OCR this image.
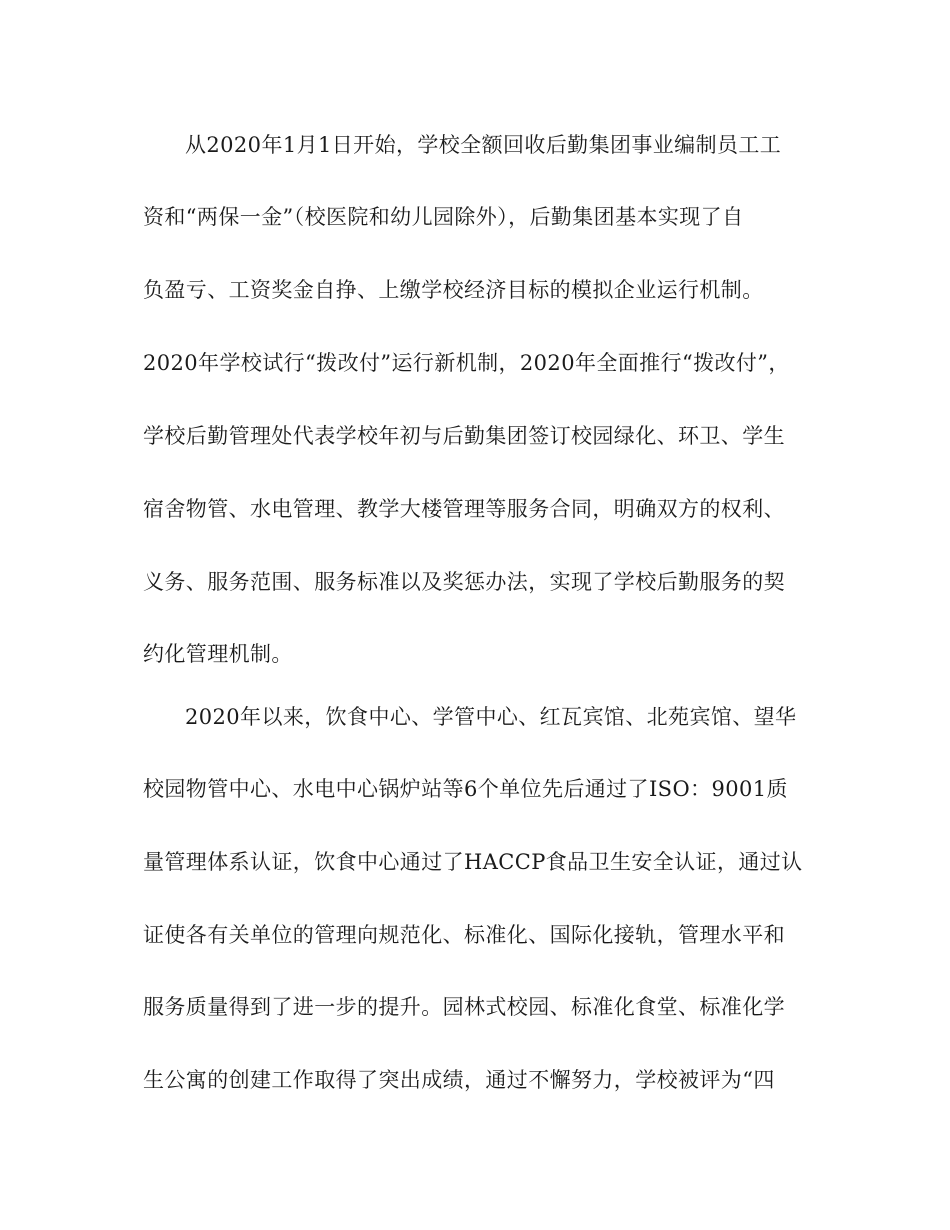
从2020年1月1日开始，学校全额回收后勤集团事业编制员工工
资和“两保一金”（校医院和幼儿园除外），后勤集团基本实现了自
负盈亏、工资奖金自挣、上缴学校经济目标的模拟企业运行机制。
2020年学校试行“拨改付”运行新机制，2020年全面推行“拨改付”，
学校后勤管理处代表学校年初与后勤集团签订校园绿化、环卫、学生
宿舍物管、水电管理、教学大楼管理等服务合同，明确双方的权利、
义务、服务范围、服务标准以及奖惩办法，实现了学校后勤服务的契
约化管理机制。
2020年以来，饮食中心、学管中心、红瓦宾馆、北苑宾馆、望华
校园物管中心、水电中心锅炉站等6个单位先后通过了ISO：9001质
量管理体系认证，饮食中心通过了HACCP食品卫生安全认证，通过认
证使各有关单位的管理向规范化、标准化、国际化接轨，管理水平和
服务质量得到了进一步的提升。园林式校园、标准化食堂、标准化学
生公寓的创建工作取得了突出成绩，通过不懈努力，学校被评为“四
